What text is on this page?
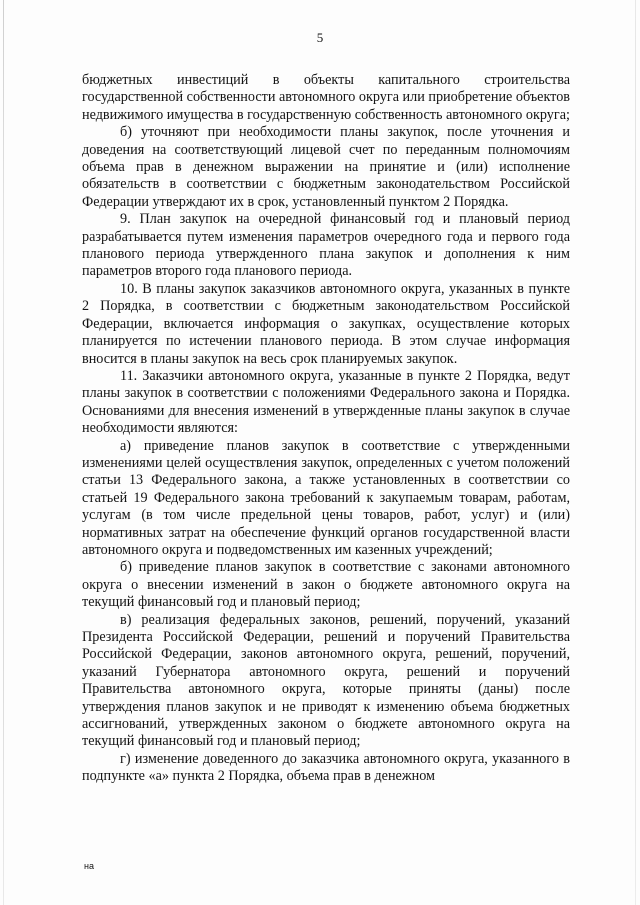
5

бюджетных инвестиций в объекты капитального строительства государственной собственности автономного округа или приобретение объектов недвижимого имущества в государственную собственность автономного округа;

б) уточняют при необходимости планы закупок, после уточнения и доведения на соответствующий лицевой счет по переданным полномочиям объема прав в денежном выражении на принятие и (или) исполнение обязательств в соответствии с бюджетным законодательством Российской Федерации утверждают их в срок, установленный пунктом 2 Порядка.

9. План закупок на очередной финансовый год и плановый период разрабатывается путем изменения параметров очередного года и первого года планового периода утвержденного плана закупок и дополнения к ним параметров второго года планового периода.

10. В планы закупок заказчиков автономного округа, указанных в пункте 2 Порядка, в соответствии с бюджетным законодательством Российской Федерации, включается информация о закупках, осуществление которых планируется по истечении планового периода. В этом случае информация вносится в планы закупок на весь срок планируемых закупок.

11. Заказчики автономного округа, указанные в пункте 2 Порядка, ведут планы закупок в соответствии с положениями Федерального закона и Порядка. Основаниями для внесения изменений в утвержденные планы закупок в случае необходимости являются:

а) приведение планов закупок в соответствие с утвержденными изменениями целей осуществления закупок, определенных с учетом положений статьи 13 Федерального закона, а также установленных в соответствии со статьей 19 Федерального закона требований к закупаемым товарам, работам, услугам (в том числе предельной цены товаров, работ, услуг) и (или) нормативных затрат на обеспечение функций органов государственной власти автономного округа и подведомственных им казенных учреждений;

б) приведение планов закупок в соответствие с законами автономного округа о внесении изменений в закон о бюджете автономного округа на текущий финансовый год и плановый период;

в) реализация федеральных законов, решений, поручений, указаний Президента Российской Федерации, решений и поручений Правительства Российской Федерации, законов автономного округа, решений, поручений, указаний Губернатора автономного округа, решений и поручений Правительства автономного округа, которые приняты (даны) после утверждения планов закупок и не приводят к изменению объема бюджетных ассигнований, утвержденных законом о бюджете автономного округа на текущий финансовый год и плановый период;

г) изменение доведенного до заказчика автономного округа, указанного в подпункте «а» пункта 2 Порядка, объема прав в денежном

на
